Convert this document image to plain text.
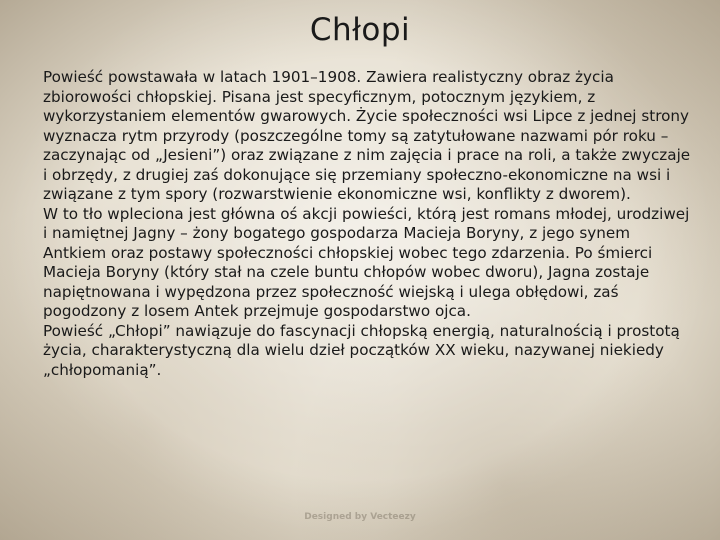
Chłopi

Powieść powstawała w latach 1901–1908. Zawiera realistyczny obraz życia zbiorowości chłopskiej. Pisana jest specyficznym, potocznym językiem, z wykorzystaniem elementów gwarowych. Życie społeczności wsi Lipce z jednej strony wyznacza rytm przyrody (poszczególne tomy są zatytułowane nazwami pór roku – zaczynając od „Jesieni”) oraz związane z nim zajęcia i prace na roli, a także zwyczaje i obrzędy, z drugiej zaś dokonujące się przemiany społeczno-ekonomiczne na wsi i związane z tym spory (rozwarstwienie ekonomiczne wsi, konflikty z dworem).

W to tło wpleciona jest główna oś akcji powieści, którą jest romans młodej, urodziwej i namiętnej Jagny – żony bogatego gospodarza Macieja Boryny, z jego synem Antkiem oraz postawy społeczności chłopskiej wobec tego zdarzenia. Po śmierci Macieja Boryny (który stał na czele buntu chłopów wobec dworu), Jagna zostaje napiętnowana i wypędzona przez społeczność wiejską i ulega obłędowi, zaś pogodzony z losem Antek przejmuje gospodarstwo ojca.

Powieść „Chłopi” nawiązuje do fascynacji chłopską energią, naturalnością i prostotą życia, charakterystyczną dla wielu dzieł początków XX wieku, nazywanej niekiedy „chłopomanią”.

Designed by Vecteezy
